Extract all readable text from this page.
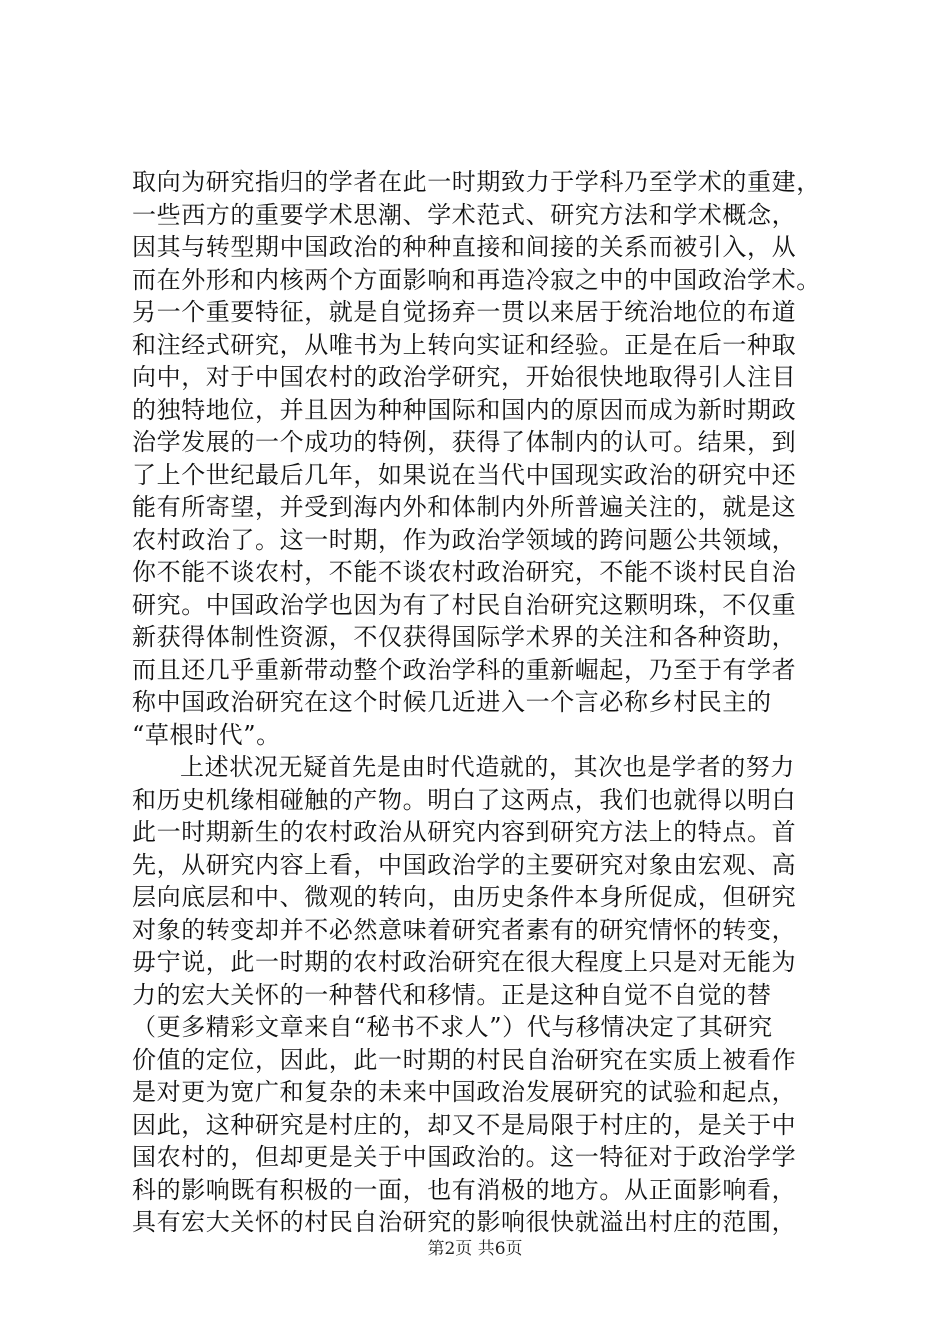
取向为研究指归的学者在此一时期致力于学科乃至学术的重建，
一些西方的重要学术思潮、学术范式、研究方法和学术概念，
因其与转型期中国政治的种种直接和间接的关系而被引入，从
而在外形和内核两个方面影响和再造冷寂之中的中国政治学术。
另一个重要特征，就是自觉扬弃一贯以来居于统治地位的布道
和注经式研究，从唯书为上转向实证和经验。正是在后一种取
向中，对于中国农村的政治学研究，开始很快地取得引人注目
的独特地位，并且因为种种国际和国内的原因而成为新时期政
治学发展的一个成功的特例，获得了体制内的认可。结果，到
了上个世纪最后几年，如果说在当代中国现实政治的研究中还
能有所寄望，并受到海内外和体制内外所普遍关注的，就是这
农村政治了。这一时期，作为政治学领域的跨问题公共领域，
你不能不谈农村，不能不谈农村政治研究，不能不谈村民自治
研究。中国政治学也因为有了村民自治研究这颗明珠，不仅重
新获得体制性资源，不仅获得国际学术界的关注和各种资助，
而且还几乎重新带动整个政治学科的重新崛起，乃至于有学者
称中国政治研究在这个时候几近进入一个言必称乡村民主的
“草根时代”。
上述状况无疑首先是由时代造就的，其次也是学者的努力
和历史机缘相碰触的产物。明白了这两点，我们也就得以明白
此一时期新生的农村政治从研究内容到研究方法上的特点。首
先，从研究内容上看，中国政治学的主要研究对象由宏观、高
层向底层和中、微观的转向，由历史条件本身所促成，但研究
对象的转变却并不必然意味着研究者素有的研究情怀的转变，
毋宁说，此一时期的农村政治研究在很大程度上只是对无能为
力的宏大关怀的一种替代和移情。正是这种自觉不自觉的替
（更多精彩文章来自“秘书不求人”）代与移情决定了其研究
价值的定位，因此，此一时期的村民自治研究在实质上被看作
是对更为宽广和复杂的未来中国政治发展研究的试验和起点，
因此，这种研究是村庄的，却又不是局限于村庄的，是关于中
国农村的，但却更是关于中国政治的。这一特征对于政治学学
科的影响既有积极的一面，也有消极的地方。从正面影响看，
具有宏大关怀的村民自治研究的影响很快就溢出村庄的范围，
第2页 共6页
